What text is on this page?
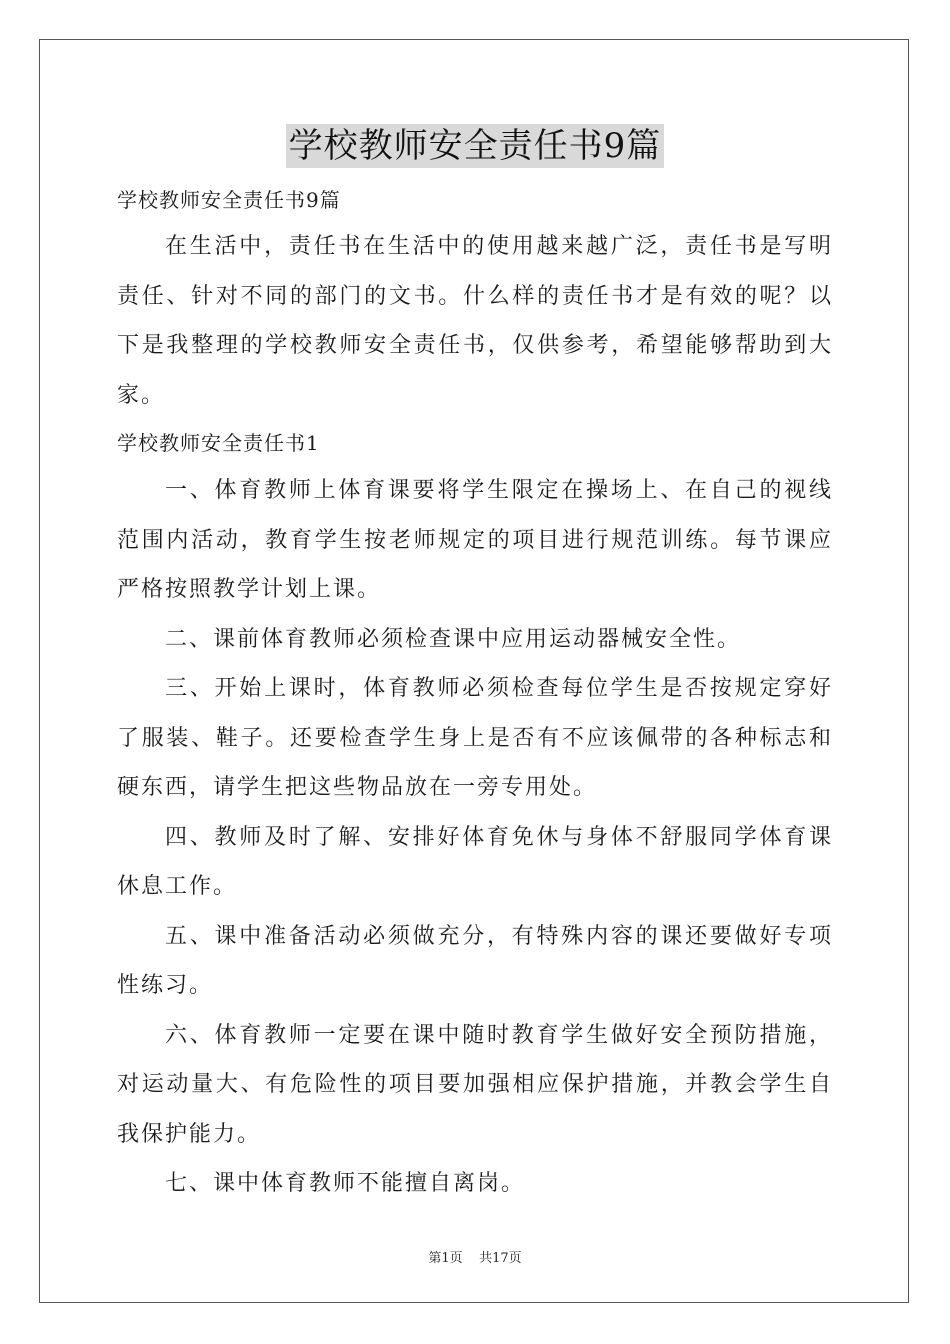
学校教师安全责任书9篇

学校教师安全责任书9篇

在生活中，责任书在生活中的使用越来越广泛，责任书是写明责任、针对不同的部门的文书。什么样的责任书才是有效的呢？以下是我整理的学校教师安全责任书，仅供参考，希望能够帮助到大家。

学校教师安全责任书1

一、体育教师上体育课要将学生限定在操场上、在自己的视线范围内活动，教育学生按老师规定的项目进行规范训练。每节课应严格按照教学计划上课。

二、课前体育教师必须检查课中应用运动器械安全性。

三、开始上课时，体育教师必须检查每位学生是否按规定穿好了服装、鞋子。还要检查学生身上是否有不应该佩带的各种标志和硬东西，请学生把这些物品放在一旁专用处。

四、教师及时了解、安排好体育免休与身体不舒服同学体育课休息工作。

五、课中准备活动必须做充分，有特殊内容的课还要做好专项性练习。

六、体育教师一定要在课中随时教育学生做好安全预防措施，对运动量大、有危险性的项目要加强相应保护措施，并教会学生自我保护能力。

七、课中体育教师不能擅自离岗。

第1页 共17页
